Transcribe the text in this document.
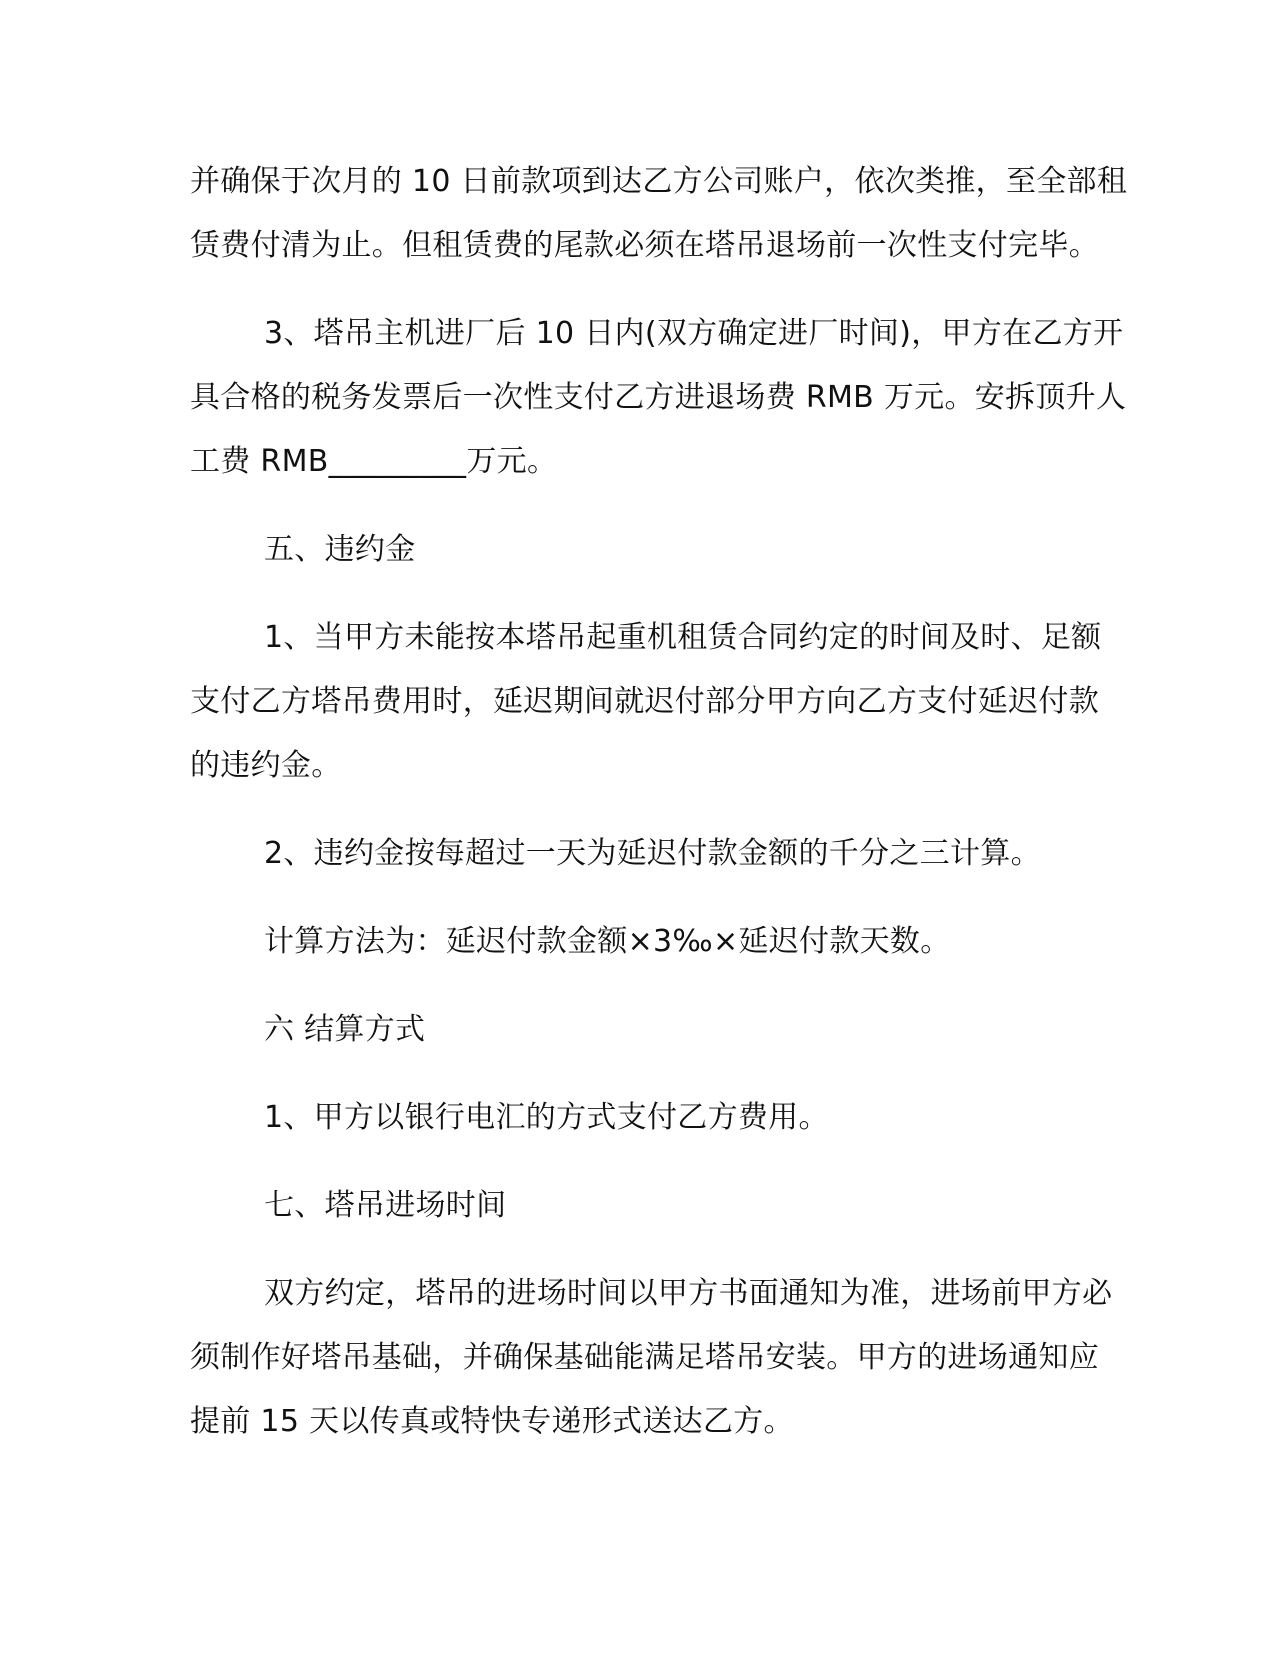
并确保于次月的 10 日前款项到达乙方公司账户，依次类推，至全部租
赁费付清为止。但租赁费的尾款必须在塔吊退场前一次性支付完毕。

3、塔吊主机进厂后 10 日内(双方确定进厂时间)，甲方在乙方开
具合格的税务发票后一次性支付乙方进退场费 RMB 万元。安拆顶升人
工费 RMB_________万元。

五、违约金

1、当甲方未能按本塔吊起重机租赁合同约定的时间及时、足额
支付乙方塔吊费用时，延迟期间就迟付部分甲方向乙方支付延迟付款
的违约金。

2、违约金按每超过一天为延迟付款金额的千分之三计算。

计算方法为：延迟付款金额×3‰×延迟付款天数。

六 结算方式

1、甲方以银行电汇的方式支付乙方费用。

七、塔吊进场时间

双方约定，塔吊的进场时间以甲方书面通知为准，进场前甲方必
须制作好塔吊基础，并确保基础能满足塔吊安装。甲方的进场通知应
提前 15 天以传真或特快专递形式送达乙方。
